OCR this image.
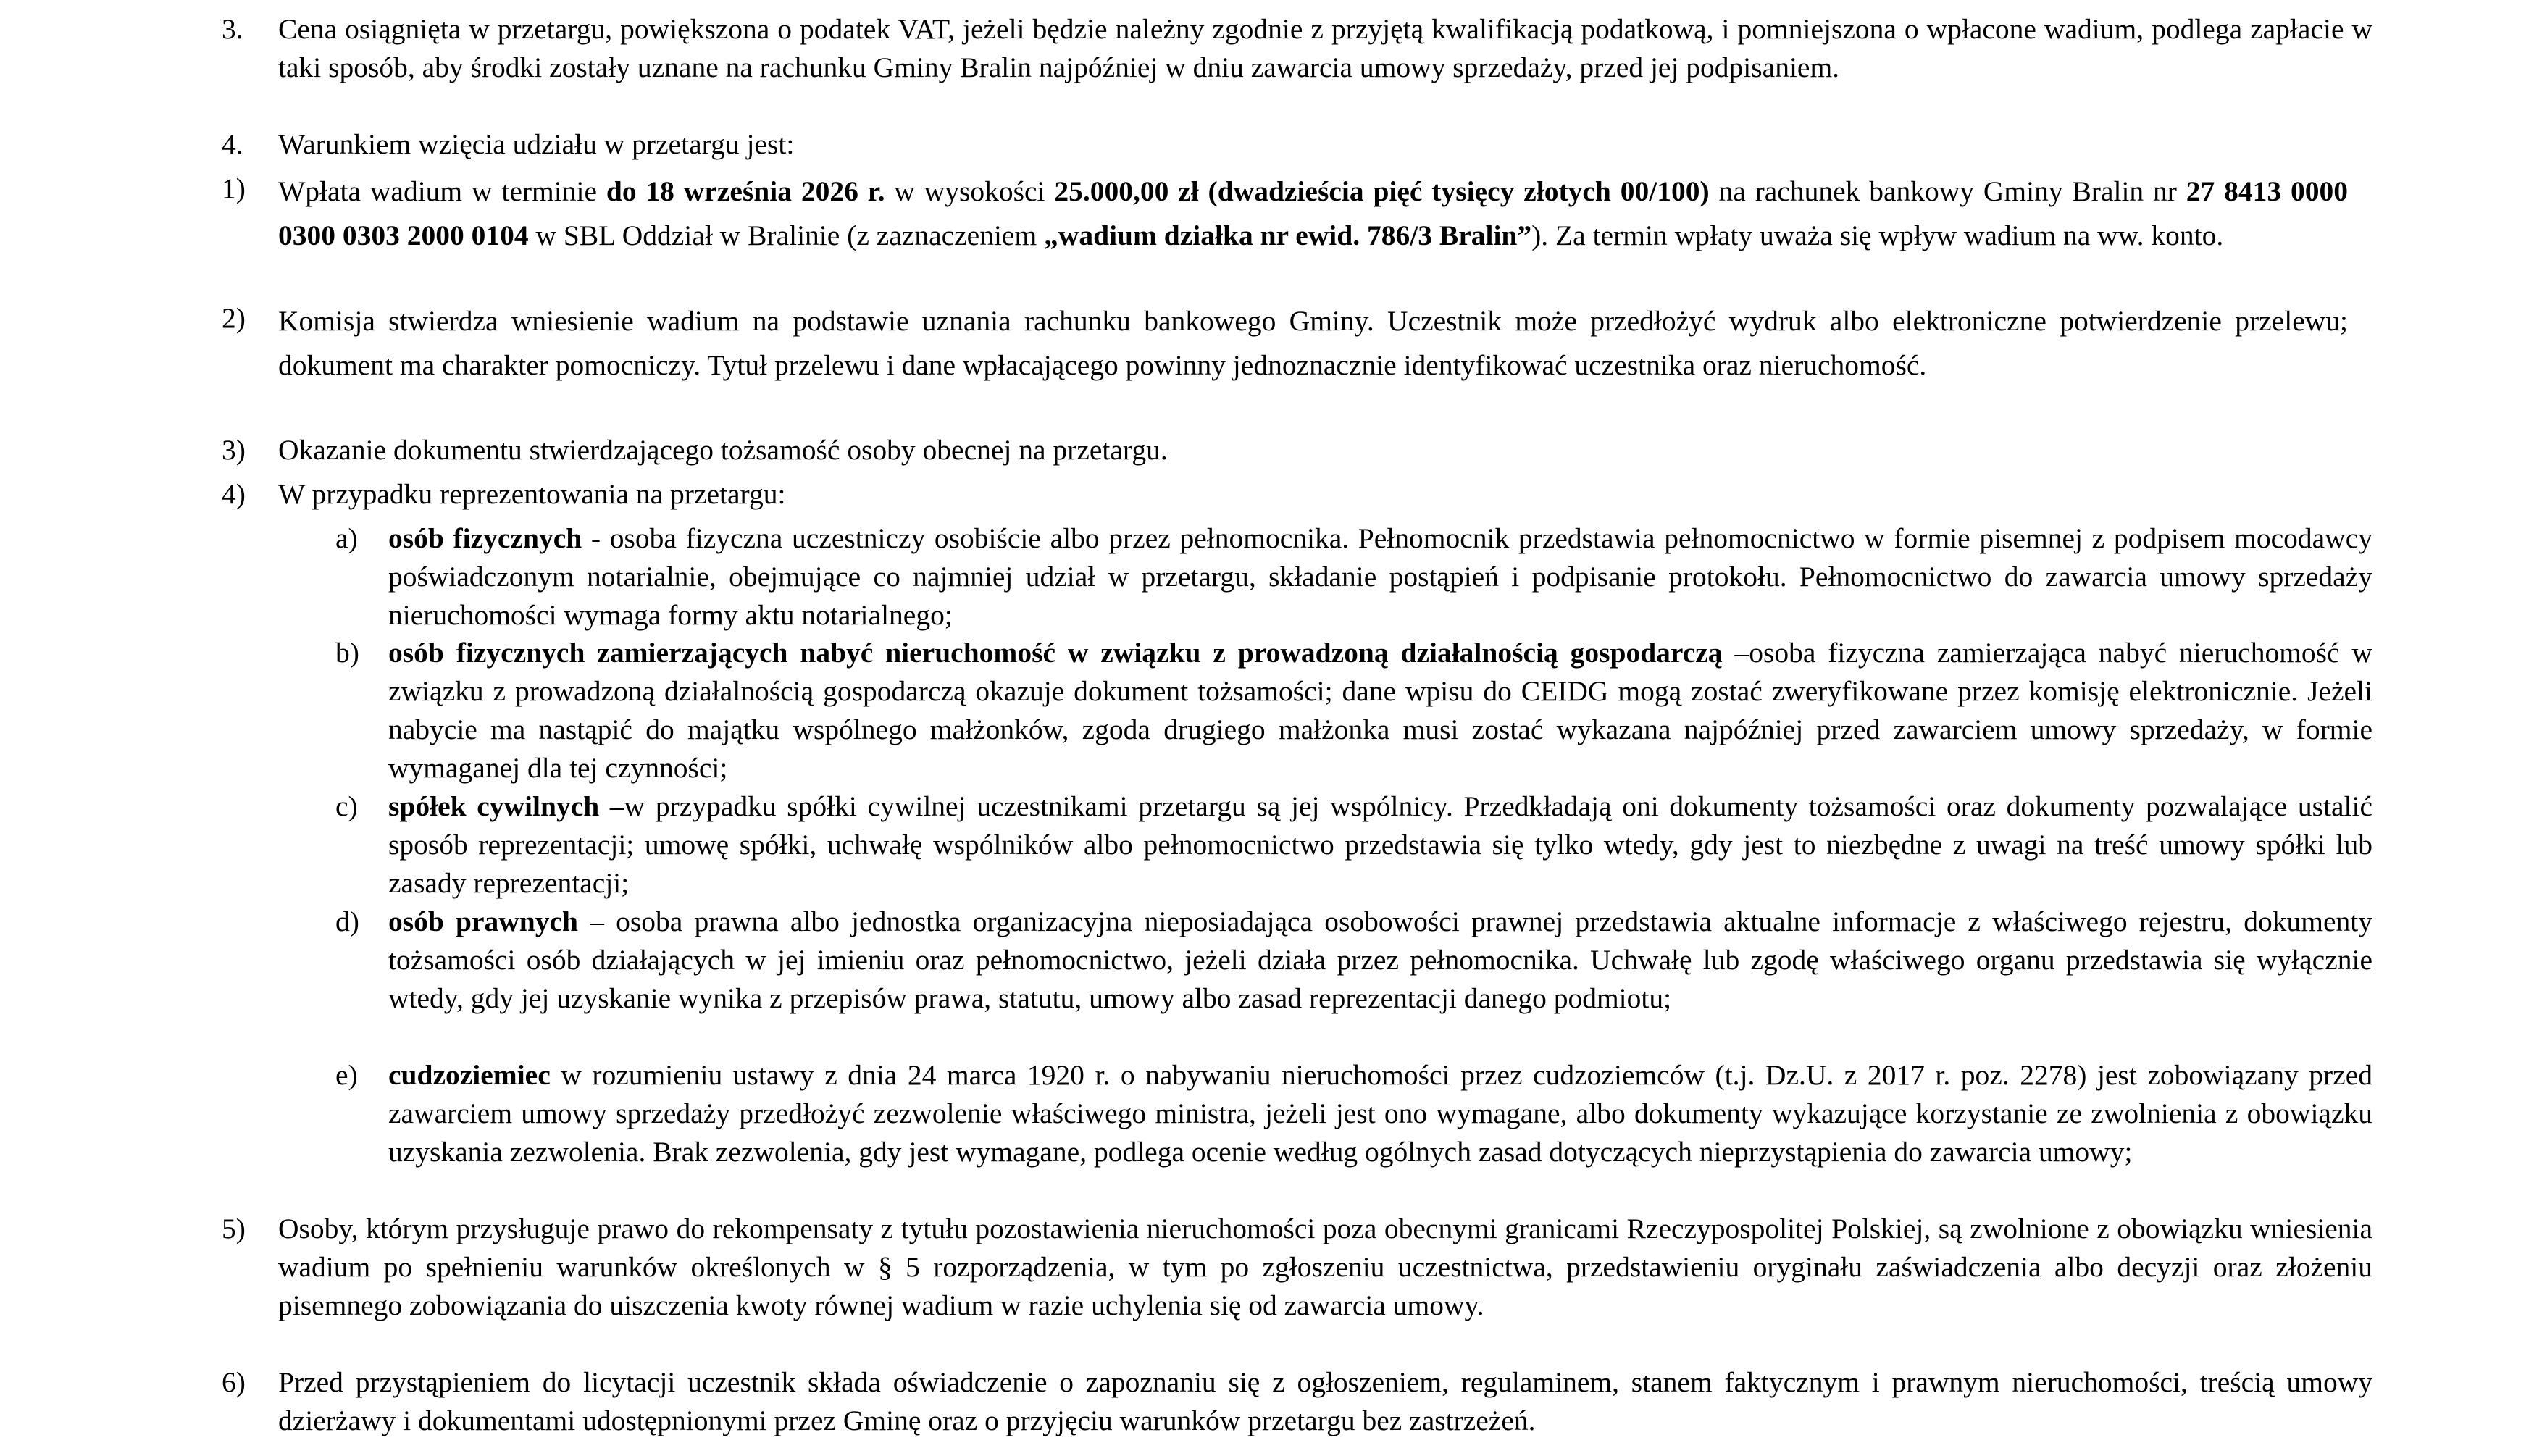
3. Cena osiągnięta w przetargu, powiększona o podatek VAT, jeżeli będzie należny zgodnie z przyjętą kwalifikacją podatkową, i pomniejszona o wpłacone wadium, podlega zapłacie w taki sposób, aby środki zostały uznane na rachunku Gminy Bralin najpóźniej w dniu zawarcia umowy sprzedaży, przed jej podpisaniem.
4. Warunkiem wzięcia udziału w przetargu jest:
1) Wpłata wadium w terminie do 18 września 2026 r. w wysokości 25.000,00 zł (dwadzieścia pięć tysięcy złotych 00/100) na rachunek bankowy Gminy Bralin nr 27 8413 0000 0300 0303 2000 0104 w SBL Oddział w Bralinie (z zaznaczeniem „wadium działka nr ewid. 786/3 Bralin”). Za termin wpłaty uważa się wpływ wadium na ww. konto.
2) Komisja stwierdza wniesienie wadium na podstawie uznania rachunku bankowego Gminy. Uczestnik może przedłożyć wydruk albo elektroniczne potwierdzenie przelewu; dokument ma charakter pomocniczy. Tytuł przelewu i dane wpłacającego powinny jednoznacznie identyfikować uczestnika oraz nieruchomość.
3) Okazanie dokumentu stwierdzającego tożsamość osoby obecnej na przetargu.
4) W przypadku reprezentowania na przetargu:
a) osób fizycznych - osoba fizyczna uczestniczy osobiście albo przez pełnomocnika. Pełnomocnik przedstawia pełnomocnictwo w formie pisemnej z podpisem mocodawcy poświadczonym notarialnie, obejmujące co najmniej udział w przetargu, składanie postąpień i podpisanie protokołu. Pełnomocnictwo do zawarcia umowy sprzedaży nieruchomości wymaga formy aktu notarialnego;
b) osób fizycznych zamierzających nabyć nieruchomość w związku z prowadzoną działalnością gospodarczą –osoba fizyczna zamierzająca nabyć nieruchomość w związku z prowadzoną działalnością gospodarczą okazuje dokument tożsamości; dane wpisu do CEIDG mogą zostać zweryfikowane przez komisję elektronicznie. Jeżeli nabycie ma nastąpić do majątku wspólnego małżonków, zgoda drugiego małżonka musi zostać wykazana najpóźniej przed zawarciem umowy sprzedaży, w formie wymaganej dla tej czynności;
c) spółek cywilnych –w przypadku spółki cywilnej uczestnikami przetargu są jej wspólnicy. Przedkładają oni dokumenty tożsamości oraz dokumenty pozwalające ustalić sposób reprezentacji; umowę spółki, uchwałę wspólników albo pełnomocnictwo przedstawia się tylko wtedy, gdy jest to niezbędne z uwagi na treść umowy spółki lub zasady reprezentacji;
d) osób prawnych – osoba prawna albo jednostka organizacyjna nieposiadająca osobowości prawnej przedstawia aktualne informacje z właściwego rejestru, dokumenty tożsamości osób działających w jej imieniu oraz pełnomocnictwo, jeżeli działa przez pełnomocnika. Uchwałę lub zgodę właściwego organu przedstawia się wyłącznie wtedy, gdy jej uzyskanie wynika z przepisów prawa, statutu, umowy albo zasad reprezentacji danego podmiotu;
e) cudzoziemiec w rozumieniu ustawy z dnia 24 marca 1920 r. o nabywaniu nieruchomości przez cudzoziemców (t.j. Dz.U. z 2017 r. poz. 2278) jest zobowiązany przed zawarciem umowy sprzedaży przedłożyć zezwolenie właściwego ministra, jeżeli jest ono wymagane, albo dokumenty wykazujące korzystanie ze zwolnienia z obowiązku uzyskania zezwolenia. Brak zezwolenia, gdy jest wymagane, podlega ocenie według ogólnych zasad dotyczących nieprzystąpienia do zawarcia umowy;
5) Osoby, którym przysługuje prawo do rekompensaty z tytułu pozostawienia nieruchomości poza obecnymi granicami Rzeczypospolitej Polskiej, są zwolnione z obowiązku wniesienia wadium po spełnieniu warunków określonych w § 5 rozporządzenia, w tym po zgłoszeniu uczestnictwa, przedstawieniu oryginału zaświadczenia albo decyzji oraz złożeniu pisemnego zobowiązania do uiszczenia kwoty równej wadium w razie uchylenia się od zawarcia umowy.
6) Przed przystąpieniem do licytacji uczestnik składa oświadczenie o zapoznaniu się z ogłoszeniem, regulaminem, stanem faktycznym i prawnym nieruchomości, treścią umowy dzierżawy i dokumentami udostępnionymi przez Gminę oraz o przyjęciu warunków przetargu bez zastrzeżeń.
